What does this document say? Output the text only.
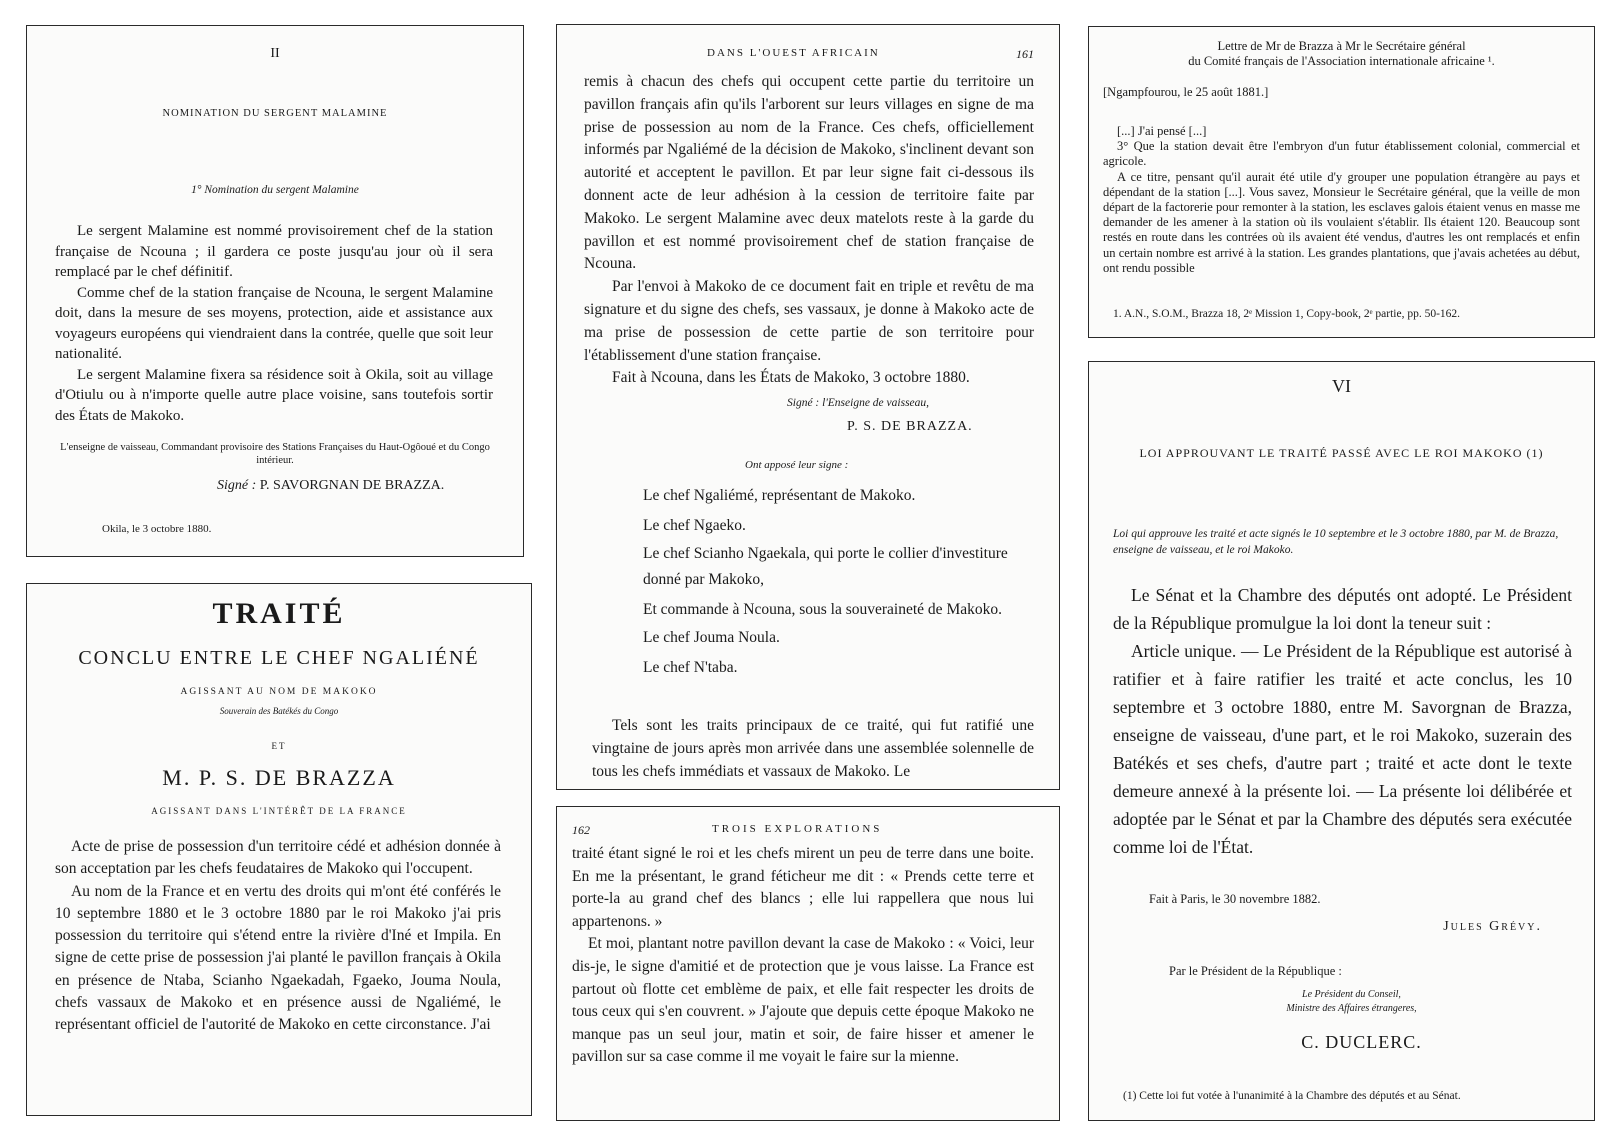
II
NOMINATION DU SERGENT MALAMINE
1° Nomination du sergent Malamine

Le sergent Malamine est nommé provisoirement chef de la station française de Ncouna ; il gardera ce poste jusqu'au jour où il sera remplacé par le chef définitif.

Comme chef de la station française de Ncouna, le sergent Malamine doit, dans la mesure de ses moyens, protection, aide et assistance aux voyageurs européens qui viendraient dans la contrée, quelle que soit leur nationalité.

Le sergent Malamine fixera sa résidence soit à Okila, soit au village d'Otiulu ou à n'importe quelle autre place voisine, sans toutefois sortir des États de Makoko.

L'enseigne de vaisseau, Commandant provisoire des Stations Françaises du Haut-Ogôoué et du Congo intérieur.
Signé : P. SAVORGNAN DE BRAZZA.
Okila, le 3 octobre 1880.
TRAITÉ
CONCLU ENTRE LE CHEF NGALIÉNÉ
AGISSANT AU NOM DE MAKOKO
Souverain des Batékés du Congo
ET
M. P. S. DE BRAZZA
AGISSANT DANS L'INTÉRÊT DE LA FRANCE

Acte de prise de possession d'un territoire cédé et adhésion donnée à son acceptation par les chefs feudataires de Makoko qui l'occupent.

Au nom de la France et en vertu des droits qui m'ont été conférés le 10 septembre 1880 et le 3 octobre 1880 par le roi Makoko j'ai pris possession du territoire qui s'étend entre la rivière d'Iné et Impila. En signe de cette prise de possession j'ai planté le pavillon français à Okila en présence de Ntaba, Scianho Ngaekadah, Fgaeko, Jouma Noula, chefs vassaux de Makoko et en présence aussi de Ngaliémé, le représentant officiel de l'autorité de Makoko en cette circonstance. J'ai

DANS L'OUEST AFRICAIN	161

remis à chacun des chefs qui occupent cette partie du territoire un pavillon français afin qu'ils l'arborent sur leurs villages en signe de ma prise de possession au nom de la France. Ces chefs, officiellement informés par Ngaliémé de la décision de Makoko, s'inclinent devant son autorité et acceptent le pavillon. Et par leur signe fait ci-dessous ils donnent acte de leur adhésion à la cession de territoire faite par Makoko. Le sergent Malamine avec deux matelots reste à la garde du pavillon et est nommé provisoirement chef de station française de Ncouna.

Par l'envoi à Makoko de ce document fait en triple et revêtu de ma signature et du signe des chefs, ses vassaux, je donne à Makoko acte de ma prise de possession de cette partie de son territoire pour l'établissement d'une station française.

Fait à Ncouna, dans les États de Makoko, 3 octobre 1880.

Signé : l'Enseigne de vaisseau,
P. S. DE BRAZZA.
Ont apposé leur signe :

Le chef Ngaliémé, représentant de Makoko.

Le chef Ngaeko.

Le chef Scianho Ngaekala, qui porte le collier d'investiture donné par Makoko,

Et commande à Ncouna, sous la souveraineté de Makoko.

Le chef Jouma Noula.

Le chef N'taba.

Tels sont les traits principaux de ce traité, qui fut ratifié une vingtaine de jours après mon arrivée dans une assemblée solennelle de tous les chefs immédiats et vassaux de Makoko. Le

162	TROIS EXPLORATIONS

traité étant signé le roi et les chefs mirent un peu de terre dans une boite. En me la présentant, le grand féticheur me dit : « Prends cette terre et porte-la au grand chef des blancs ; elle lui rappellera que nous lui appartenons. »

Et moi, plantant notre pavillon devant la case de Makoko : « Voici, leur dis-je, le signe d'amitié et de protection que je vous laisse. La France est partout où flotte cet emblème de paix, et elle fait respecter les droits de tous ceux qui s'en couvrent. » J'ajoute que depuis cette époque Makoko ne manque pas un seul jour, matin et soir, de faire hisser et amener le pavillon sur sa case comme il me voyait le faire sur la mienne.

Lettre de Mr de Brazza à Mr le Secrétaire général
du Comité français de l'Association internationale africaine ¹.
[Ngampfourou, le 25 août 1881.]

[...] J'ai pensé [...]

3° Que la station devait être l'embryon d'un futur établissement colonial, commercial et agricole.

A ce titre, pensant qu'il aurait été utile d'y grouper une population étrangère au pays et dépendant de la station [...]. Vous savez, Monsieur le Secrétaire général, que la veille de mon départ de la factorerie pour remonter à la station, les esclaves galois étaient venus en masse me demander de les amener à la station où ils voulaient s'établir. Ils étaient 120. Beaucoup sont restés en route dans les contrées où ils avaient été vendus, d'autres les ont remplacés et enfin un certain nombre est arrivé à la station. Les grandes plantations, que j'avais achetées au début, ont rendu possible

1. A.N., S.O.M., Brazza 18, 2ᵉ Mission 1, Copy-book, 2ᵉ partie, pp. 50-162.
VI
LOI APPROUVANT LE TRAITÉ PASSÉ AVEC LE ROI MAKOKO (1)
Loi qui approuve les traité et acte signés le 10 septembre et le 3 octobre 1880, par M. de Brazza, enseigne de vaisseau, et le roi Makoko.

Le Sénat et la Chambre des députés ont adopté. Le Président de la République promulgue la loi dont la teneur suit :

Article unique. — Le Président de la République est autorisé à ratifier et à faire ratifier les traité et acte conclus, les 10 septembre et 3 octobre 1880, entre M. Savorgnan de Brazza, enseigne de vaisseau, d'une part, et le roi Makoko, suzerain des Batékés et ses chefs, d'autre part ; traité et acte dont le texte demeure annexé à la présente loi. — La présente loi délibérée et adoptée par le Sénat et par la Chambre des députés sera exécutée comme loi de l'État.

Fait à Paris, le 30 novembre 1882.
Jules Grévy.
Par le Président de la République :
Le Président du Conseil,
Ministre des Affaires étrangeres,
C. DUCLERC.
(1) Cette loi fut votée à l'unanimité à la Chambre des députés et au Sénat.
